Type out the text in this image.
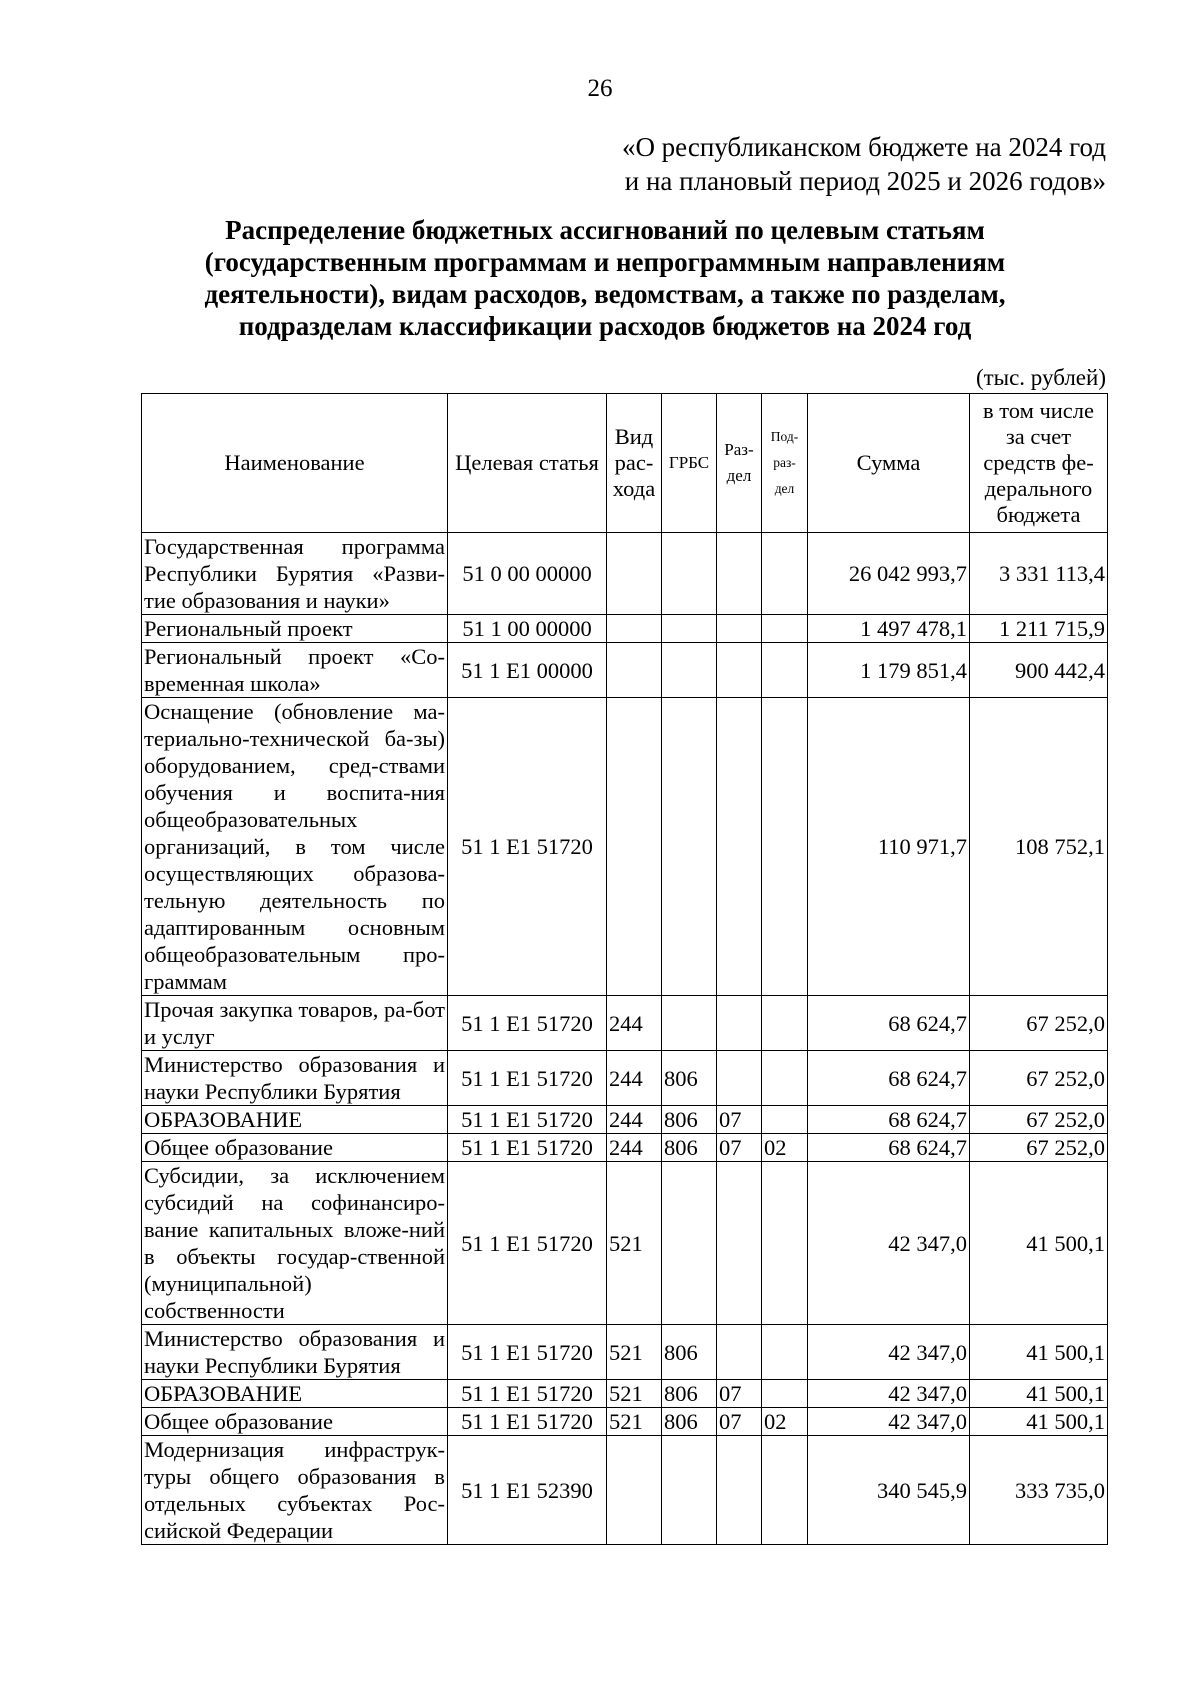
26
«О республиканском бюджете на 2024 год
и на плановый период 2025 и 2026 годов»
Распределение бюджетных ассигнований по целевым статьям
(государственным программам и непрограммным направлениям
деятельности), видам расходов, ведомствам, а также по разделам,
подразделам классификации расходов бюджетов на 2024 год
(тыс. рублей)
Наименование	Целевая статья	Вид рас-хода	ГРБС	Раз-дел	Под-раз-дел	Сумма	в том числе за счет средств фе-дерального бюджета
Государственная программа Республики Бурятия «Разви-тие образования и науки»	51 0 00 00000					26 042 993,7	3 331 113,4
Региональный проект	51 1 00 00000					1 497 478,1	1 211 715,9
Региональный проект «Со-временная школа»	51 1 E1 00000					1 179 851,4	900 442,4
Оснащение (обновление ма-териально-технической ба-зы) оборудованием, сред-ствами обучения и воспита-ния общеобразовательных организаций, в том числе осуществляющих образова-тельную деятельность по адаптированным основным общеобразовательным про-граммам	51 1 E1 51720					110 971,7	108 752,1
Прочая закупка товаров, ра-бот и услуг	51 1 E1 51720	244				68 624,7	67 252,0
Министерство образования и науки Республики Бурятия	51 1 E1 51720	244	806			68 624,7	67 252,0
ОБРАЗОВАНИЕ	51 1 E1 51720	244	806	07		68 624,7	67 252,0
Общее образование	51 1 E1 51720	244	806	07	02	68 624,7	67 252,0
Субсидии, за исключением субсидий на софинансиро-вание капитальных вложе-ний в объекты государ-ственной (муниципальной) собственности	51 1 E1 51720	521				42 347,0	41 500,1
Министерство образования и науки Республики Бурятия	51 1 E1 51720	521	806			42 347,0	41 500,1
ОБРАЗОВАНИЕ	51 1 E1 51720	521	806	07		42 347,0	41 500,1
Общее образование	51 1 E1 51720	521	806	07	02	42 347,0	41 500,1
Модернизация инфраструк-туры общего образования в отдельных субъектах Рос-сийской Федерации	51 1 E1 52390					340 545,9	333 735,0
